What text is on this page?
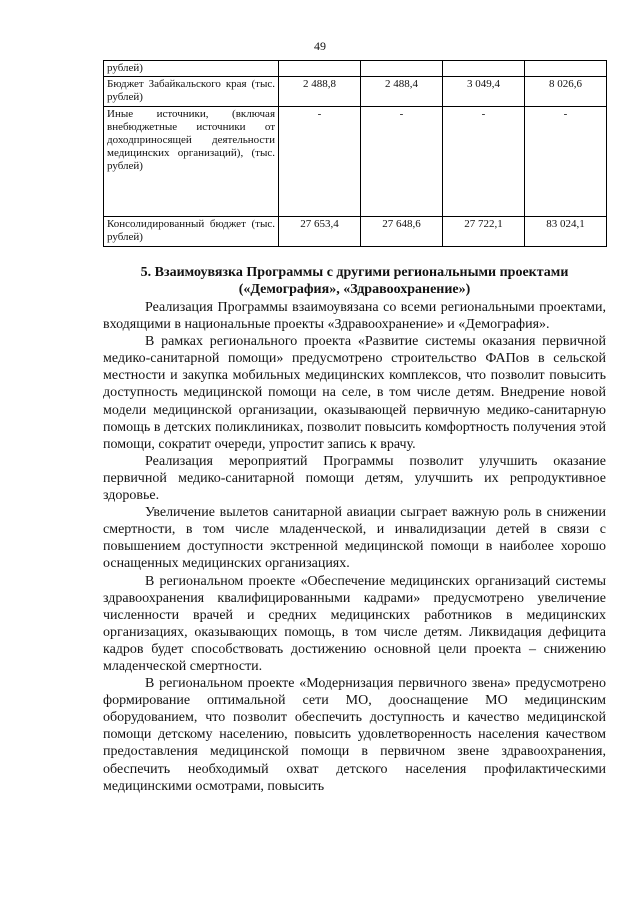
49
рублей)				
Бюджет Забайкальского края (тыс. рублей)	2 488,8	2 488,4	3 049,4	8 026,6
Иные источники, (включая внебюджетные источники от доходприносящей деятельности медицинских организаций), (тыс. рублей)	-	-	-	-
Консолидированный бюджет (тыс. рублей)	27 653,4	27 648,6	27 722,1	83 024,1
5. Взаимоувязка Программы с другими региональными проектами
(«Демография», «Здравоохранение»)

Реализация Программы взаимоувязана со всеми региональными проектами, входящими в национальные проекты «Здравоохранение» и «Демография».

В рамках регионального проекта «Развитие системы оказания первичной медико-санитарной помощи» предусмотрено строительство ФАПов в сельской местности и закупка мобильных медицинских комплексов, что позволит повысить доступность медицинской помощи на селе, в том числе детям. Внедрение новой модели медицинской организации, оказывающей первичную медико-санитарную помощь в детских поликлиниках, позволит повысить комфортность получения этой помощи, сократит очереди, упростит запись к врачу.

Реализация мероприятий Программы позволит улучшить оказание первичной медико-санитарной помощи детям, улучшить их репродуктивное здоровье.

Увеличение вылетов санитарной авиации сыграет важную роль в снижении смертности, в том числе младенческой, и инвалидизации детей в связи с повышением доступности экстренной медицинской помощи в наиболее хорошо оснащенных медицинских организациях.

В региональном проекте «Обеспечение медицинских организаций системы здравоохранения квалифицированными кадрами» предусмотрено увеличение численности врачей и средних медицинских работников в медицинских организациях, оказывающих помощь, в том числе детям. Ликвидация дефицита кадров будет способствовать достижению основной цели проекта – снижению младенческой смертности.

В региональном проекте «Модернизация первичного звена» предусмотрено формирование оптимальной сети МО, дооснащение МО медицинским оборудованием, что позволит обеспечить доступность и качество медицинской помощи детскому населению, повысить удовлетворенность населения качеством предоставления медицинской помощи в первичном звене здравоохранения, обеспечить необходимый охват детского населения профилактическими медицинскими осмотрами, повысить
